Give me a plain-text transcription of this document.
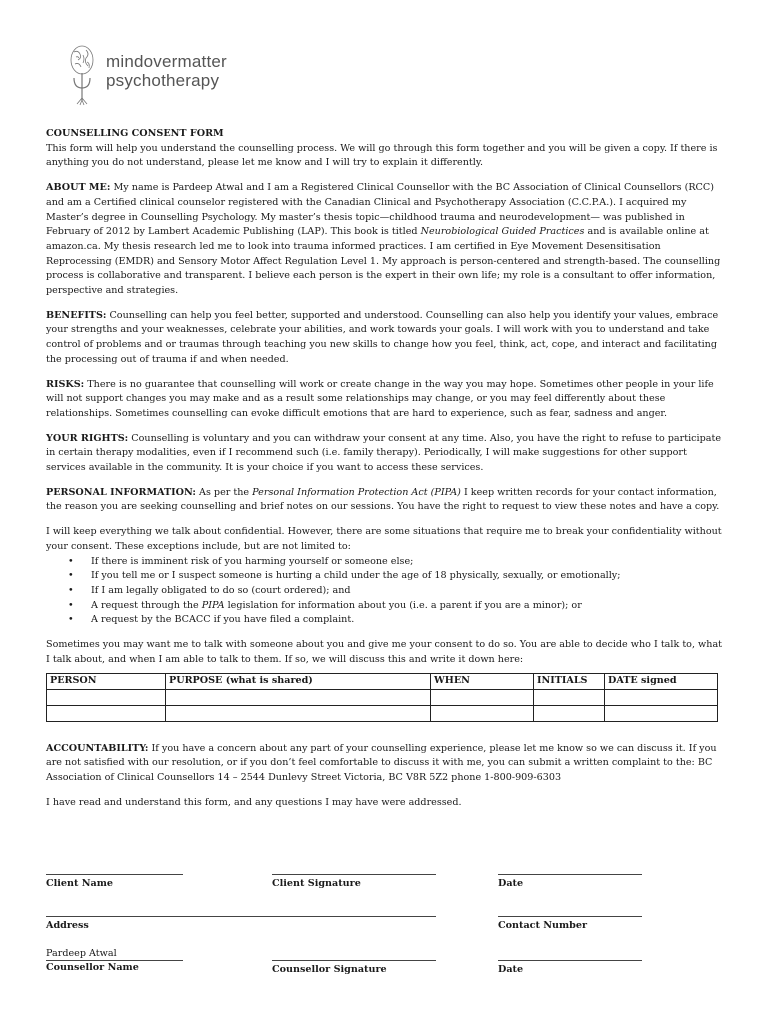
mindovermatter
psychotherapy

COUNSELLING CONSENT FORM

This form will help you understand the counselling process. We will go through this form together and you will be given a copy. If there is anything you do not understand, please let me know and I will try to explain it differently.

ABOUT ME: My name is Pardeep Atwal and I am a Registered Clinical Counsellor with the BC Association of Clinical Counsellors (RCC) and am a Certified clinical counselor registered with the Canadian Clinical and Psychotherapy Association (C.C.P.A.). I acquired my Master’s degree in Counselling Psychology. My master’s thesis topic—childhood trauma and neurodevelopment— was published in February of 2012 by Lambert Academic Publishing (LAP). This book is titled Neurobiological Guided Practices and is available online at amazon.ca. My thesis research led me to look into trauma informed practices. I am certified in Eye Movement Desensitisation Reprocessing (EMDR) and Sensory Motor Affect Regulation Level 1. My approach is person-centered and strength-based. The counselling process is collaborative and transparent. I believe each person is the expert in their own life; my role is a consultant to offer information, perspective and strategies.

BENEFITS: Counselling can help you feel better, supported and understood. Counselling can also help you identify your values, embrace your strengths and your weaknesses, celebrate your abilities, and work towards your goals. I will work with you to understand and take control of problems and or traumas through teaching you new skills to change how you feel, think, act, cope, and interact and facilitating the processing out of trauma if and when needed.

RISKS: There is no guarantee that counselling will work or create change in the way you may hope. Sometimes other people in your life will not support changes you may make and as a result some relationships may change, or you may feel differently about these relationships. Sometimes counselling can evoke difficult emotions that are hard to experience, such as fear, sadness and anger.

YOUR RIGHTS: Counselling is voluntary and you can withdraw your consent at any time. Also, you have the right to refuse to participate in certain therapy modalities, even if I recommend such (i.e. family therapy). Periodically, I will make suggestions for other support services available in the community. It is your choice if you want to access these services.

PERSONAL INFORMATION: As per the Personal Information Protection Act (PIPA) I keep written records for your contact information, the reason you are seeking counselling and brief notes on our sessions. You have the right to request to view these notes and have a copy.

I will keep everything we talk about confidential. However, there are some situations that require me to break your confidentiality without your consent. These exceptions include, but are not limited to:

• If there is imminent risk of you harming yourself or someone else;
• If you tell me or I suspect someone is hurting a child under the age of 18 physically, sexually, or emotionally;
• If I am legally obligated to do so (court ordered); and
• A request through the PIPA legislation for information about you (i.e. a parent if you are a minor); or
• A request by the BCACC if you have filed a complaint.

Sometimes you may want me to talk with someone about you and give me your consent to do so. You are able to decide who I talk to, what I talk about, and when I am able to talk to them. If so, we will discuss this and write it down here:

PERSON	PURPOSE (what is shared)	WHEN	INITIALS	DATE signed

ACCOUNTABILITY: If you have a concern about any part of your counselling experience, please let me know so we can discuss it. If you are not satisfied with our resolution, or if you don’t feel comfortable to discuss it with me, you can submit a written complaint to the: BC Association of Clinical Counsellors 14 – 2544 Dunlevy Street Victoria, BC V8R 5Z2 phone 1-800-909-6303

I have read and understand this form, and any questions I may have were addressed.

Client Name	Client Signature	Date
Address	Contact Number
Pardeep Atwal
Counsellor Name	Counsellor Signature	Date
